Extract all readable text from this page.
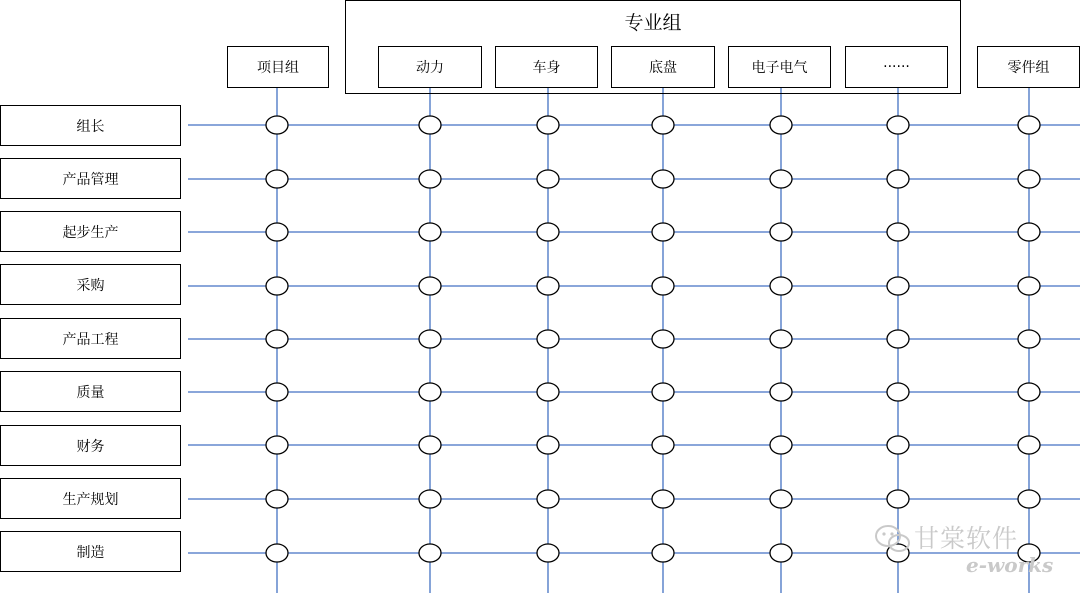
专业组
项目组	动力	车身	底盘	电子电气	······	零件组
组长
产品管理
起步生产
采购
产品工程
质量
财务
生产规划
制造	甘棠软件
e-works
